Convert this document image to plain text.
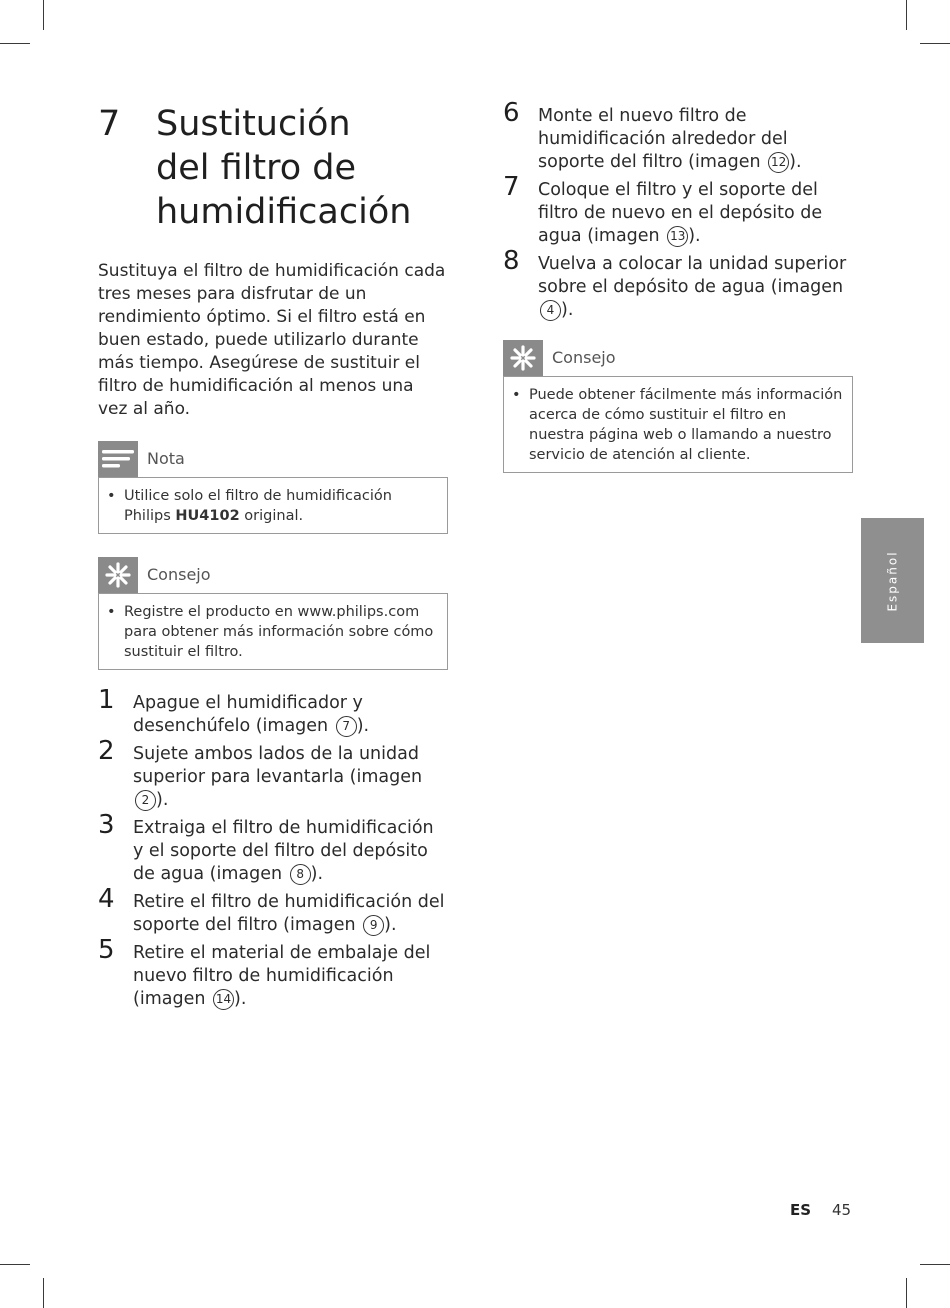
7 Sustitución
del filtro de
humidificación
Sustituya el filtro de humidificación cada tres meses para disfrutar de un rendimiento óptimo. Si el filtro está en buen estado, puede utilizarlo durante más tiempo. Asegúrese de sustituir el filtro de humidificación al menos una vez al año.
Nota
• Utilice solo el filtro de humidificación Philips HU4102 original.
Consejo
• Registre el producto en www.philips.com para obtener más información sobre cómo sustituir el filtro.
1	Apague el humidificador y desenchúfelo (imagen 7 ).
2	Sujete ambos lados de la unidad superior para levantarla (imagen 2 ).
3	Extraiga el filtro de humidificación y el soporte del filtro del depósito de agua (imagen 8 ).
4	Retire el filtro de humidificación del soporte del filtro (imagen 9 ).
5	Retire el material de embalaje del nuevo filtro de humidificación (imagen 14 ).
6	Monte el nuevo filtro de humidificación alrededor del soporte del filtro (imagen 12 ).
7	Coloque el filtro y el soporte del filtro de nuevo en el depósito de agua (imagen 13 ).
8	Vuelva a colocar la unidad superior sobre el depósito de agua (imagen 4 ).
Consejo
• Puede obtener fácilmente más información acerca de cómo sustituir el filtro en nuestra página web o llamando a nuestro servicio de atención al cliente.
Español
ES 45
